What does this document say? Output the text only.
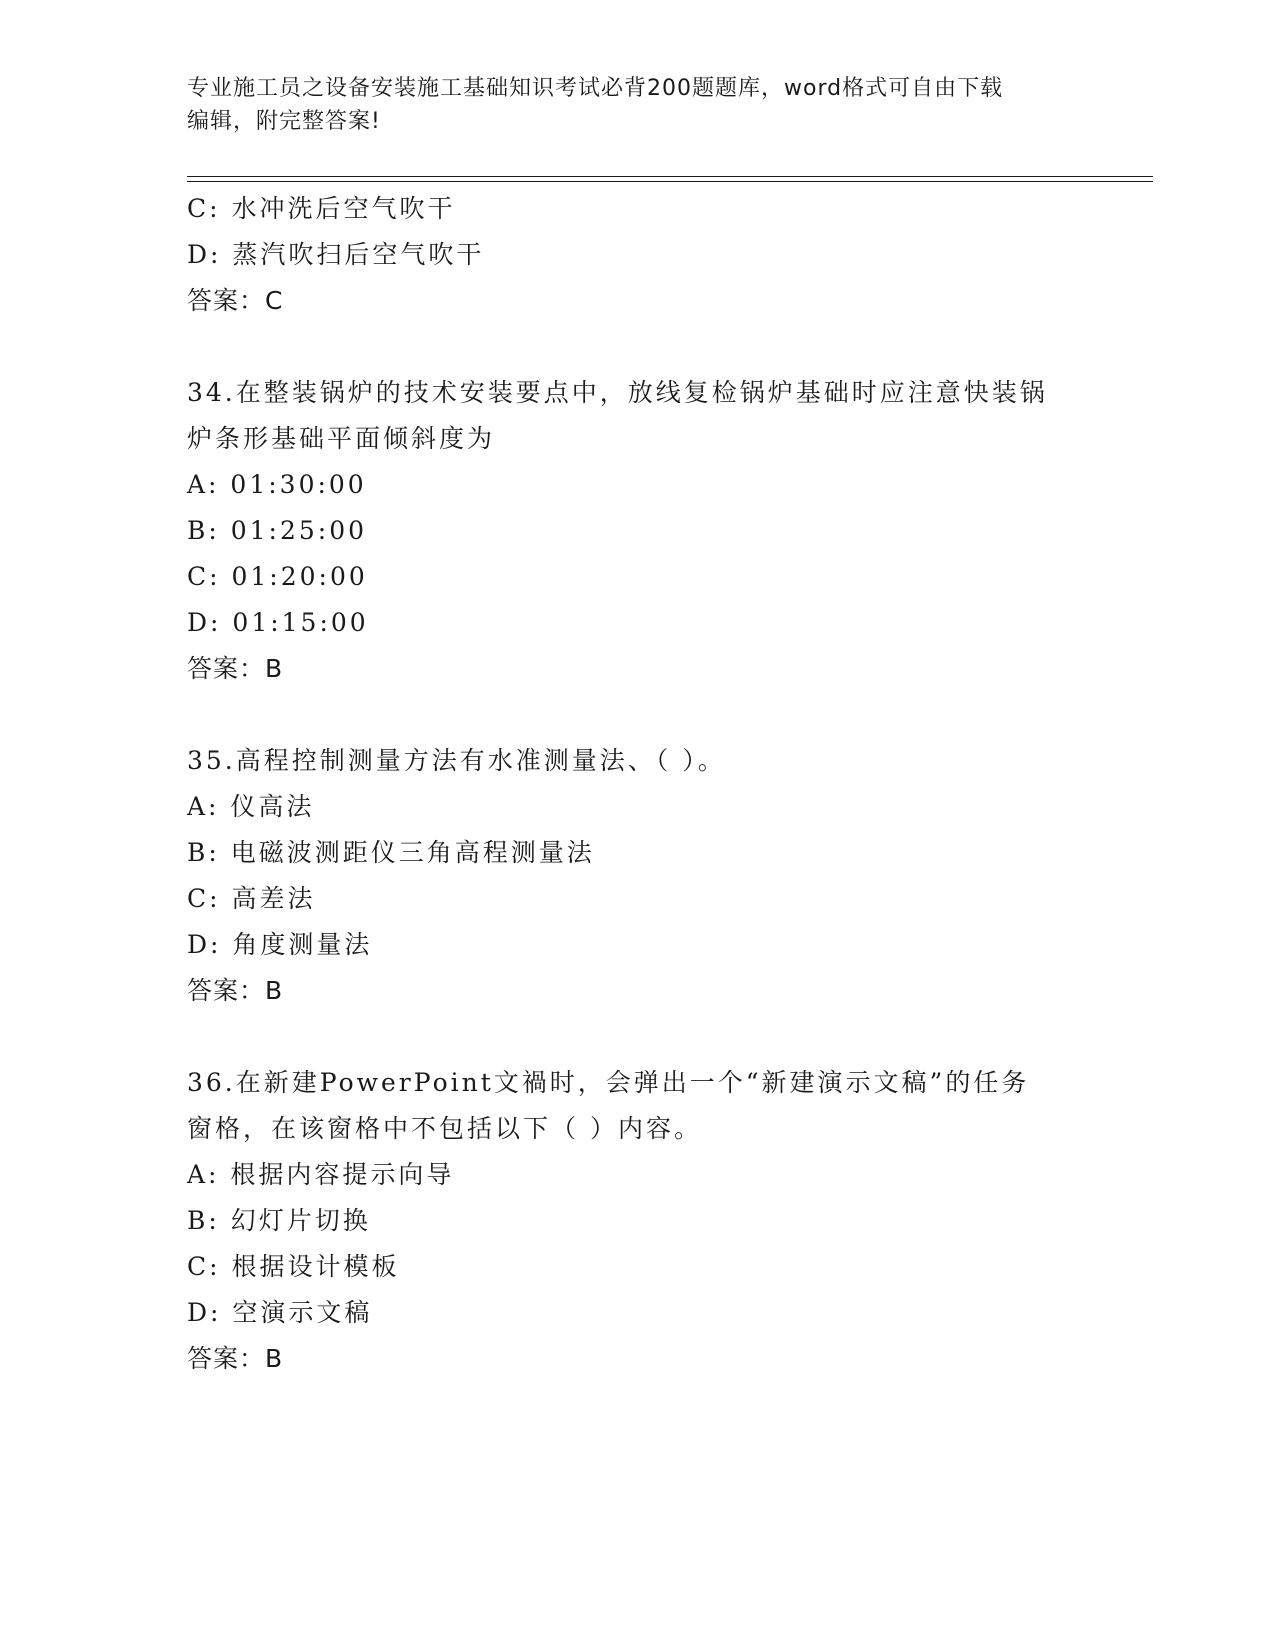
专业施工员之设备安装施工基础知识考试必背200题题库，word格式可自由下载
编辑，附完整答案!
C: 水冲洗后空气吹干
D: 蒸汽吹扫后空气吹干
答案：C
34.在整装锅炉的技术安装要点中，放线复检锅炉基础时应注意快装锅
炉条形基础平面倾斜度为
A: 01:30:00
B: 01:25:00
C: 01:20:00
D: 01:15:00
答案：B
35.高程控制测量方法有水准测量法、（ ）。
A: 仪高法
B: 电磁波测距仪三角高程测量法
C: 高差法
D: 角度测量法
答案：B
36.在新建PowerPoint文禍时，会弹出一个“新建演示文稿”的任务
窗格，在该窗格中不包括以下（ ）内容。
A: 根据内容提示向导
B: 幻灯片切换
C: 根据设计模板
D: 空演示文稿
答案：B
